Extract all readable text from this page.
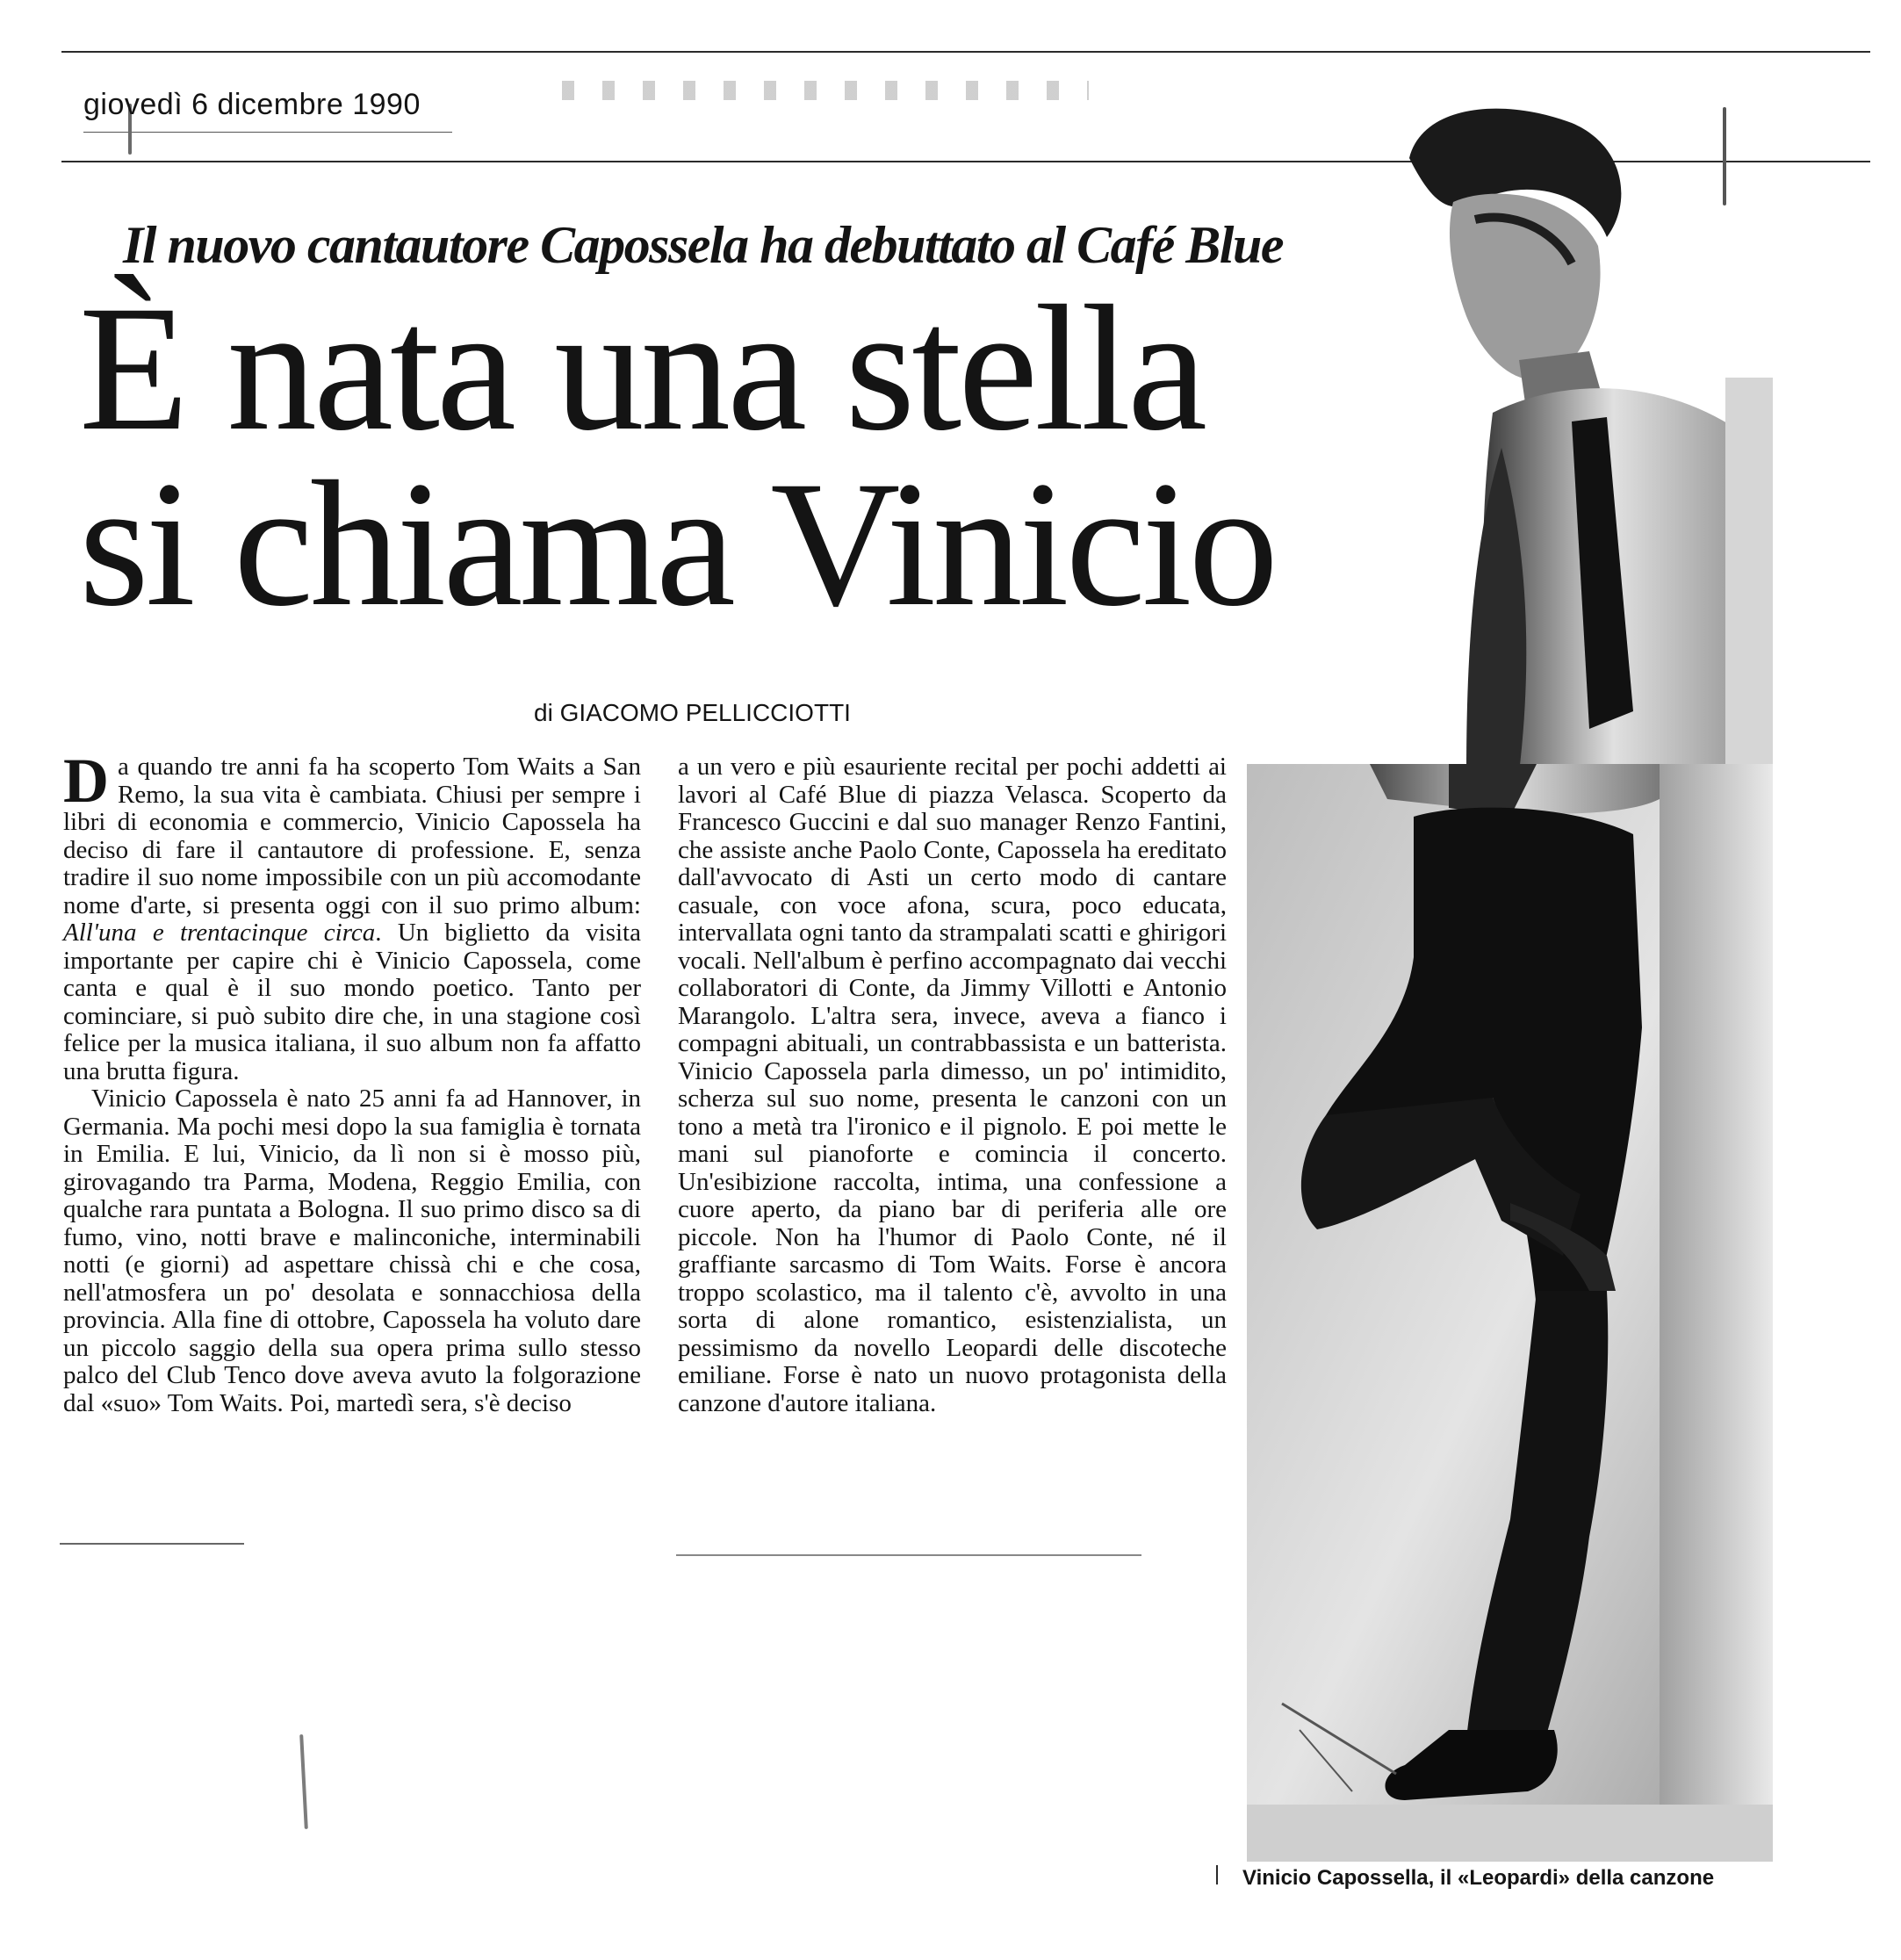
giovedì 6 dicembre 1990
Il nuovo cantautore Capossela ha debuttato al Café Blue
È nata una stella
si chiama Vinicio
di GIACOMO PELLICCIOTTI

Da quando tre anni fa ha scoperto Tom Waits a San Remo, la sua vita è cambiata. Chiusi per sempre i libri di economia e commercio, Vinicio Capossela ha deciso di fare il cantautore di professione. E, senza tradire il suo nome impossibile con un più accomodante nome d'arte, si presenta oggi con il suo primo album: All'una e trentacinque circa. Un biglietto da visita importante per capire chi è Vinicio Capossela, come canta e qual è il suo mondo poetico. Tanto per cominciare, si può subito dire che, in una stagione così felice per la musica italiana, il suo album non fa affatto una brutta figura.

Vinicio Capossela è nato 25 anni fa ad Hannover, in Germania. Ma pochi mesi dopo la sua famiglia è tornata in Emilia. E lui, Vinicio, da lì non si è mosso più, girovagando tra Parma, Modena, Reggio Emilia, con qualche rara puntata a Bologna. Il suo primo disco sa di fumo, vino, notti brave e malinconiche, interminabili notti (e giorni) ad aspettare chissà chi e che cosa, nell'atmosfera un po' desolata e sonnacchiosa della provincia. Alla fine di ottobre, Capossela ha voluto dare un piccolo saggio della sua opera prima sullo stesso palco del Club Tenco dove aveva avuto la folgorazione dal «suo» Tom Waits. Poi, martedì sera, s'è deciso

a un vero e più esauriente recital per pochi addetti ai lavori al Café Blue di piazza Velasca. Scoperto da Francesco Guccini e dal suo manager Renzo Fantini, che assiste anche Paolo Conte, Capossela ha ereditato dall'avvocato di Asti un certo modo di cantare casuale, con voce afona, scura, poco educata, intervallata ogni tanto da strampalati scatti e ghirigori vocali. Nell'album è perfino accompagnato dai vecchi collaboratori di Conte, da Jimmy Villotti e Antonio Marangolo. L'altra sera, invece, aveva a fianco i compagni abituali, un contrabbassista e un batterista. Vinicio Capossela parla dimesso, un po' intimidito, scherza sul suo nome, presenta le canzoni con un tono a metà tra l'ironico e il pignolo. E poi mette le mani sul pianoforte e comincia il concerto. Un'esibizione raccolta, intima, una confessione a cuore aperto, da piano bar di periferia alle ore piccole. Non ha l'humor di Paolo Conte, né il graffiante sarcasmo di Tom Waits. Forse è ancora troppo scolastico, ma il talento c'è, avvolto in una sorta di alone romantico, esistenzialista, un pessimismo da novello Leopardi delle discoteche emiliane. Forse è nato un nuovo protagonista della canzone d'autore italiana.

Vinicio Capossella, il «Leopardi» della canzone
